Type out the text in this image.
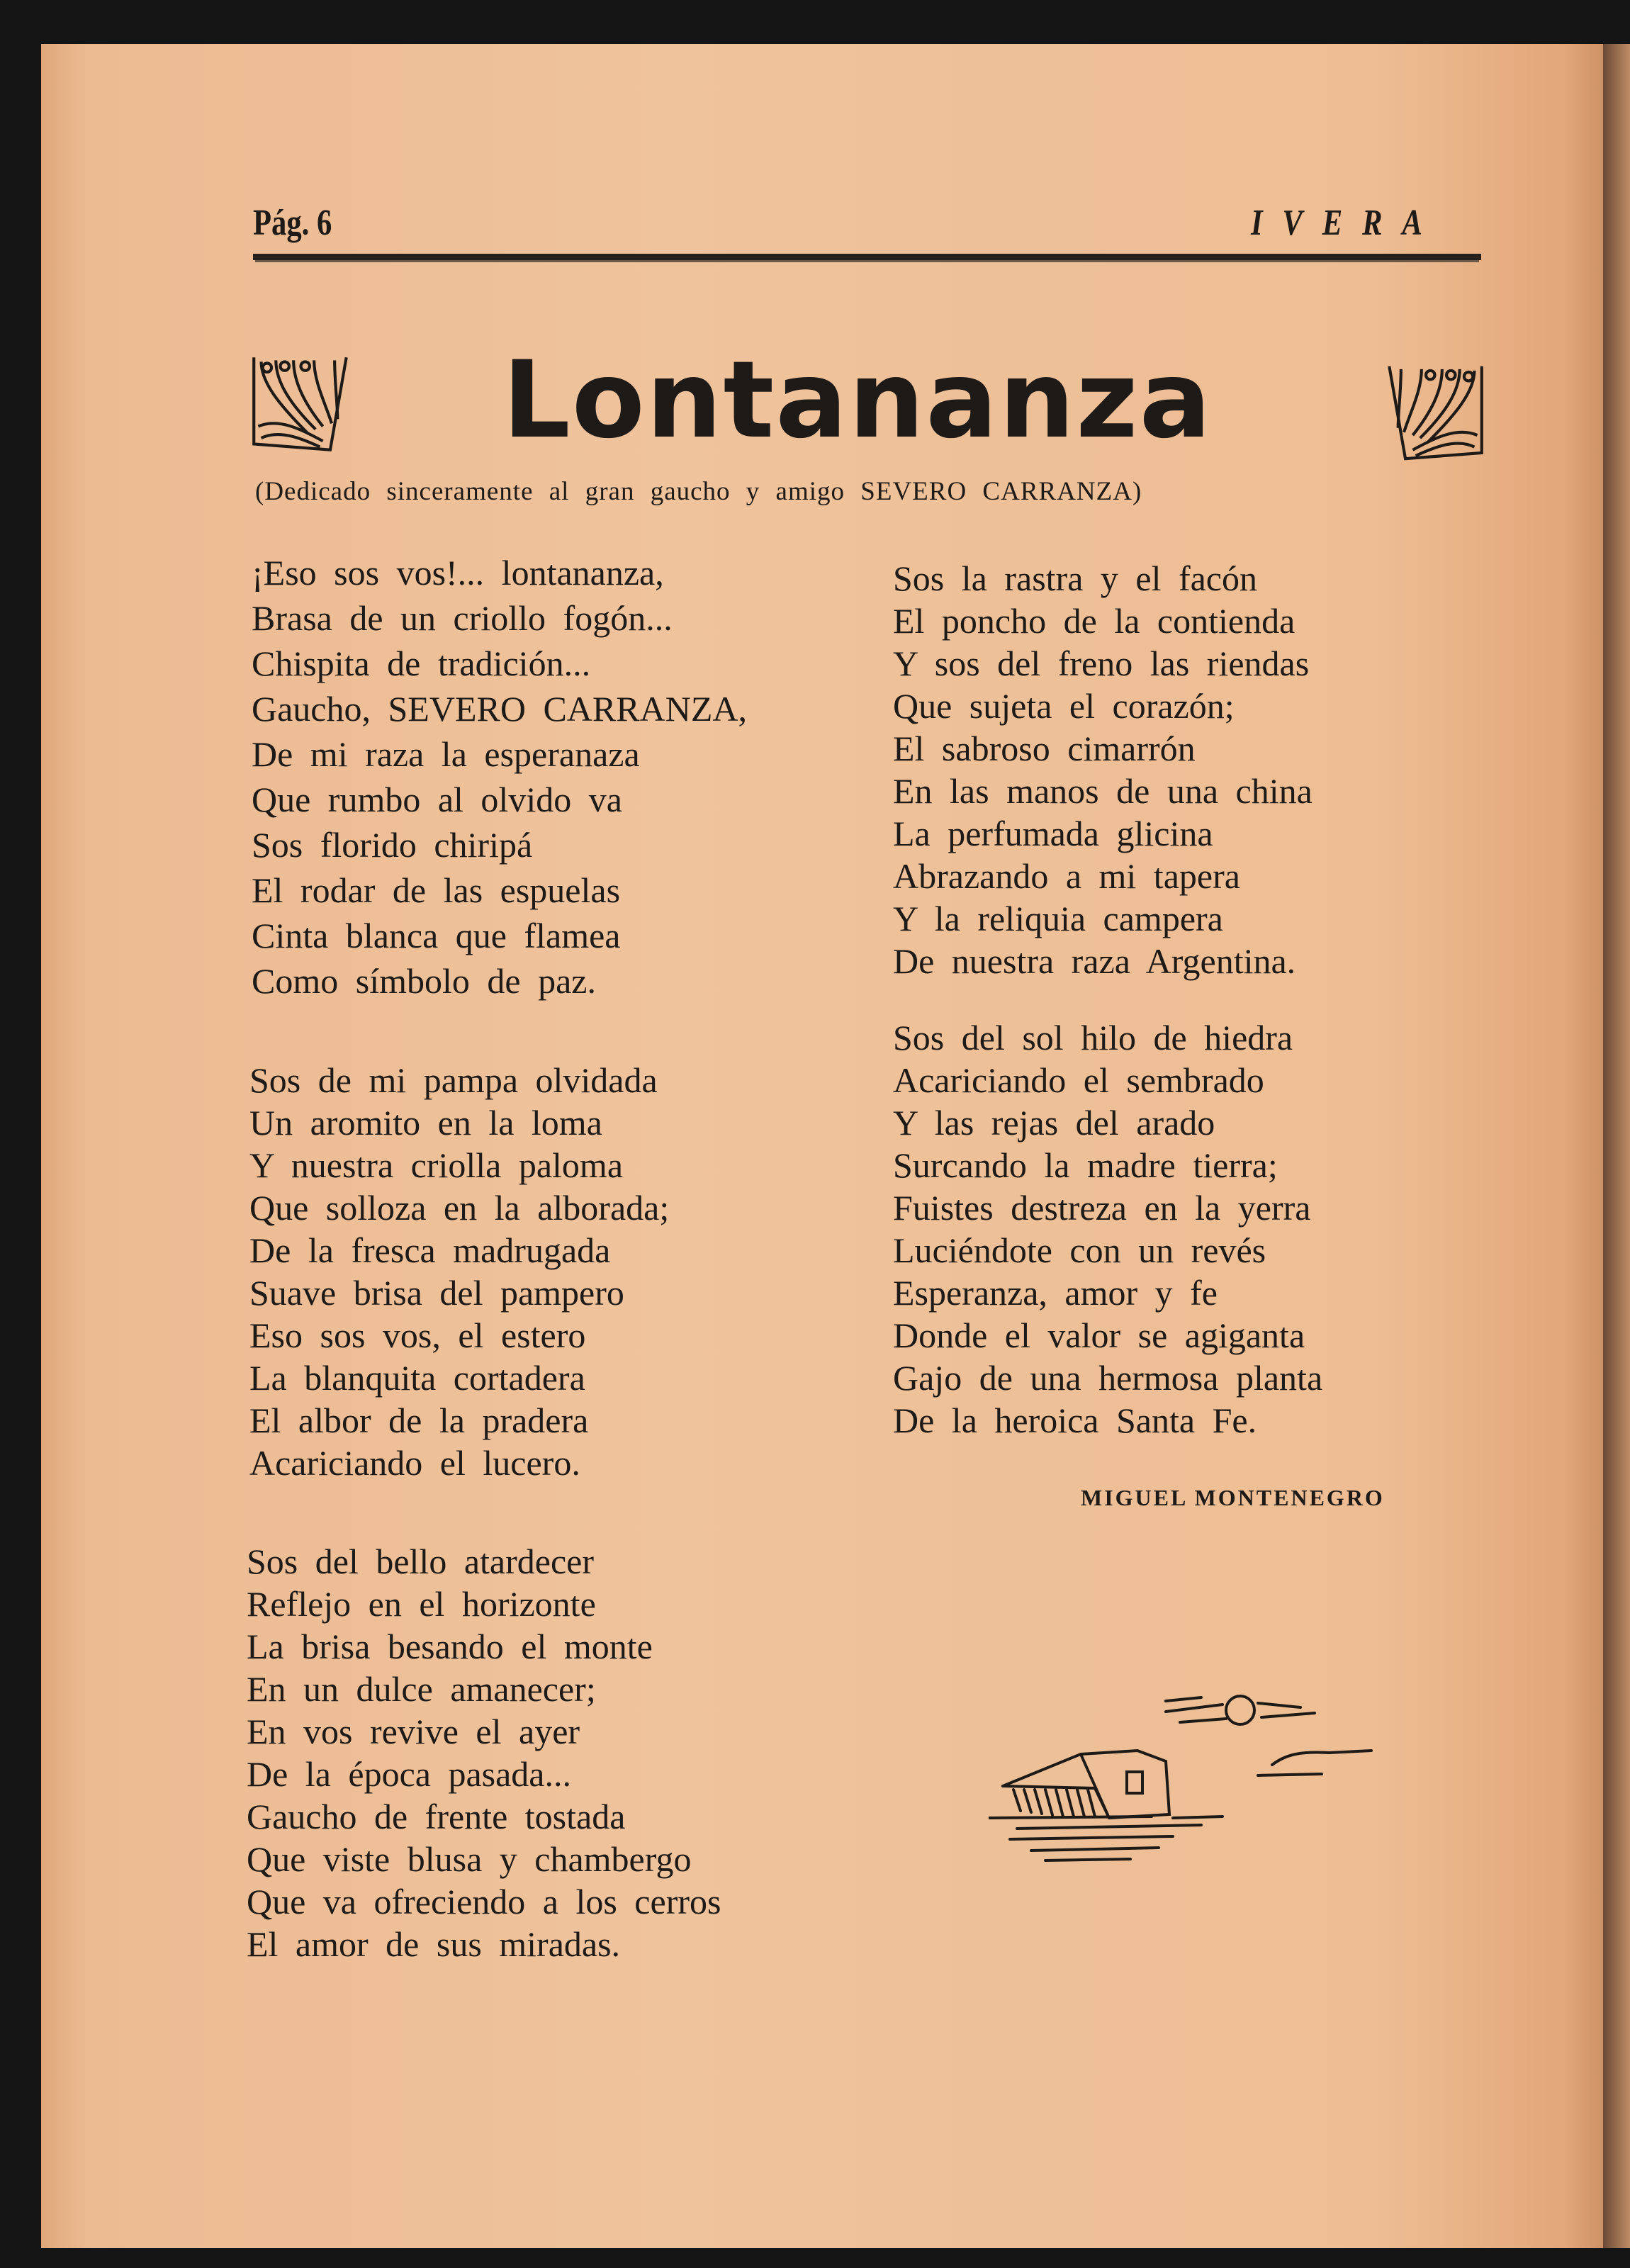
Pág. 6	IVERA
Lontananza
(Dedicado sinceramente al gran gaucho y amigo SEVERO CARRANZA)
¡Eso sos vos!... lontananza,
Brasa de un criollo fogón...
Chispita de tradición...
Gaucho, SEVERO CARRANZA,
De mi raza la esperanaza
Que rumbo al olvido va
Sos florido chiripá
El rodar de las espuelas
Cinta blanca que flamea
Como símbolo de paz.
Sos de mi pampa olvidada
Un aromito en la loma
Y nuestra criolla paloma
Que solloza en la alborada;
De la fresca madrugada
Suave brisa del pampero
Eso sos vos, el estero
La blanquita cortadera
El albor de la pradera
Acariciando el lucero.
Sos del bello atardecer
Reflejo en el horizonte
La brisa besando el monte
En un dulce amanecer;
En vos revive el ayer
De la época pasada...
Gaucho de frente tostada
Que viste blusa y chambergo
Que va ofreciendo a los cerros
El amor de sus miradas.
Sos la rastra y el facón
El poncho de la contienda
Y sos del freno las riendas
Que sujeta el corazón;
El sabroso cimarrón
En las manos de una china
La perfumada glicina
Abrazando a mi tapera
Y la reliquia campera
De nuestra raza Argentina.
Sos del sol hilo de hiedra
Acariciando el sembrado
Y las rejas del arado
Surcando la madre tierra;
Fuistes destreza en la yerra
Luciéndote con un revés
Esperanza, amor y fe
Donde el valor se agiganta
Gajo de una hermosa planta
De la heroica Santa Fe.
MIGUEL MONTENEGRO
